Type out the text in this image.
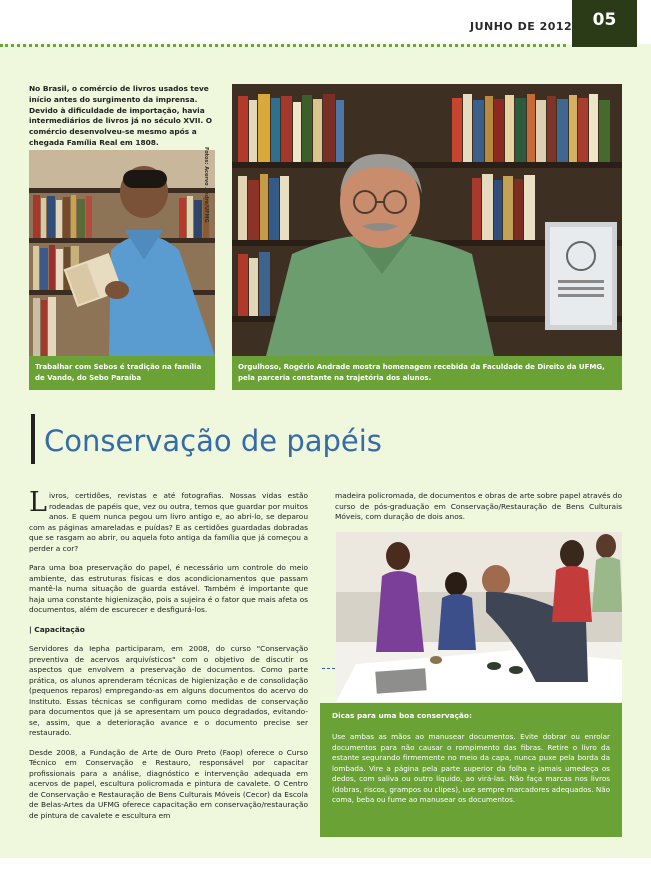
JUNHO DE 2012	05
No Brasil, o comércio de livros usados teve início antes do surgimento da imprensa. Devido à dificuldade de importação, havia intermediários de livros já no século XVII. O comércio desenvolveu-se mesmo após a chegada Família Real em 1808.
Fotos: Acervo Andre/UFMG
Trabalhar com Sebos é tradição na família de Vando, do Sebo Paraíba
Orgulhoso, Rogério Andrade mostra homenagem recebida da Faculdade de Direito da UFMG, pela parceria constante na trajetória dos alunos.
Conservação de papéis

Livros, certidões, revistas e até fotografias. Nossas vidas estão rodeadas de papéis que, vez ou outra, temos que guardar por muitos anos. E quem nunca pegou um livro antigo e, ao abri-lo, se deparou com as páginas amareladas e puídas? E as certidões guardadas dobradas que se rasgam ao abrir, ou aquela foto antiga da família que já começou a perder a cor?

Para uma boa preservação do papel, é necessário um controle do meio ambiente, das estruturas físicas e dos acondicionamentos que passam mantê-la numa situação de guarda estável. Também é importante que haja uma constante higienização, pois a sujeira é o fator que mais afeta os documentos, além de escurecer e desfigurá-los.

| Capacitação

Servidores da Iepha participaram, em 2008, do curso "Conservação preventiva de acervos arquivísticos" com o objetivo de discutir os aspectos que envolvem a preservação de documentos. Como parte prática, os alunos aprenderam técnicas de higienização e de consolidação (pequenos reparos) empregando-as em alguns documentos do acervo do Instituto. Essas técnicas se configuram como medidas de conservação para documentos que já se apresentam um pouco degradados, evitando-se, assim, que a deterioração avance e o documento precise ser restaurado.

Desde 2008, a Fundação de Arte de Ouro Preto (Faop) oferece o Curso Técnico em Conservação e Restauro, responsável por capacitar profissionais para a análise, diagnóstico e intervenção adequada em acervos de papel, escultura policromada e pintura de cavalete. O Centro de Conservação e Restauração de Bens Culturais Móveis (Cecor) da Escola de Belas-Artes da UFMG oferece capacitação em conservação/restauração de pintura de cavalete e escultura em

madeira policromada, de documentos e obras de arte sobre papel através do curso de pós-graduação em Conservação/Restauração de Bens Culturais Móveis, com duração de dois anos.

Dicas para uma boa conservação:

Use ambas as mãos ao manusear documentos. Evite dobrar ou enrolar documentos para não causar o rompimento das fibras. Retire o livro da estante segurando firmemente no meio da capa, nunca puxe pela borda da lombada. Vire a página pela parte superior da folha e jamais umedeça os dedos, com saliva ou outro líquido, ao virá-las. Não faça marcas nos livros (dobras, riscos, grampos ou clipes), use sempre marcadores adequados. Não coma, beba ou fume ao manusear os documentos.
